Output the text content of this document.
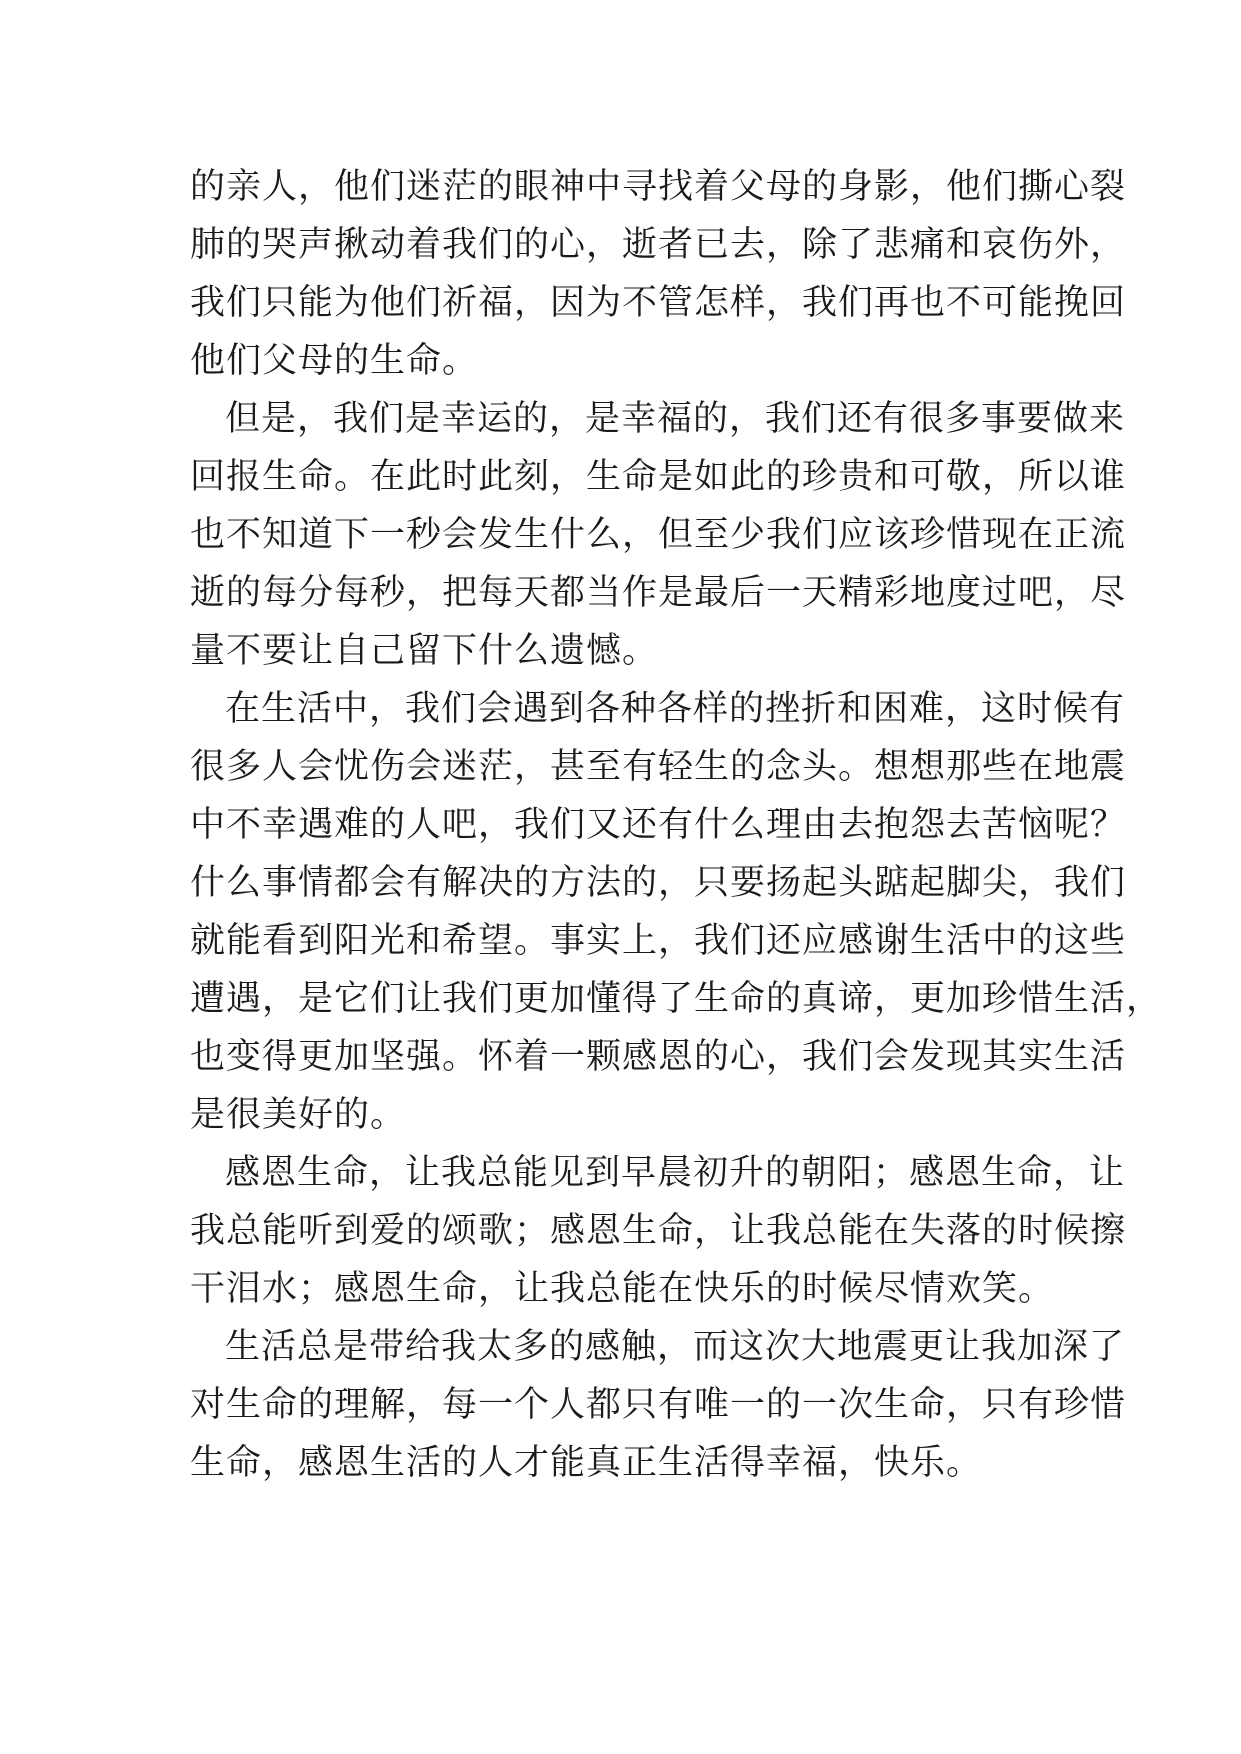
的亲人，他们迷茫的眼神中寻找着父母的身影，他们撕心裂
肺的哭声揪动着我们的心，逝者已去，除了悲痛和哀伤外，
我们只能为他们祈福，因为不管怎样，我们再也不可能挽回
他们父母的生命。
但是，我们是幸运的，是幸福的，我们还有很多事要做来
回报生命。在此时此刻，生命是如此的珍贵和可敬，所以谁
也不知道下一秒会发生什么，但至少我们应该珍惜现在正流
逝的每分每秒，把每天都当作是最后一天精彩地度过吧，尽
量不要让自己留下什么遗憾。
在生活中，我们会遇到各种各样的挫折和困难，这时候有
很多人会忧伤会迷茫，甚至有轻生的念头。想想那些在地震
中不幸遇难的人吧，我们又还有什么理由去抱怨去苦恼呢？
什么事情都会有解决的方法的，只要扬起头踮起脚尖，我们
就能看到阳光和希望。事实上，我们还应感谢生活中的这些
遭遇，是它们让我们更加懂得了生命的真谛，更加珍惜生活，
也变得更加坚强。怀着一颗感恩的心，我们会发现其实生活
是很美好的。
感恩生命，让我总能见到早晨初升的朝阳；感恩生命，让
我总能听到爱的颂歌；感恩生命，让我总能在失落的时候擦
干泪水；感恩生命，让我总能在快乐的时候尽情欢笑。
生活总是带给我太多的感触，而这次大地震更让我加深了
对生命的理解，每一个人都只有唯一的一次生命，只有珍惜
生命，感恩生活的人才能真正生活得幸福，快乐。
